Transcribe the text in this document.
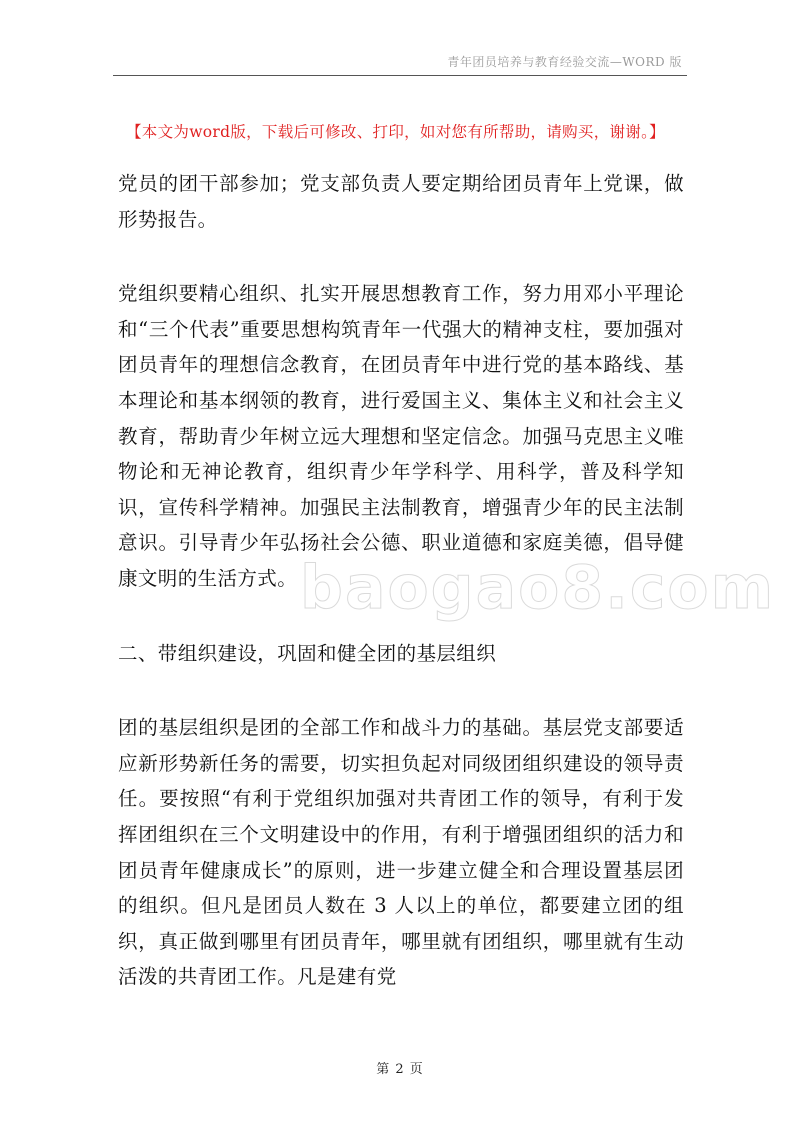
青年团员培养与教育经验交流—WORD 版
【本文为word版，下载后可修改、打印，如对您有所帮助，请购买，谢谢。】

党员的团干部参加；党支部负责人要定期给团员青年上党课，做形势报告。

党组织要精心组织、扎实开展思想教育工作，努力用邓小平理论和“三个代表”重要思想构筑青年一代强大的精神支柱，要加强对团员青年的理想信念教育，在团员青年中进行党的基本路线、基本理论和基本纲领的教育，进行爱国主义、集体主义和社会主义教育，帮助青少年树立远大理想和坚定信念。加强马克思主义唯物论和无神论教育，组织青少年学科学、用科学，普及科学知识，宣传科学精神。加强民主法制教育，增强青少年的民主法制意识。引导青少年弘扬社会公德、职业道德和家庭美德，倡导健康文明的生活方式。

二、带组织建设，巩固和健全团的基层组织

团的基层组织是团的全部工作和战斗力的基础。基层党支部要适应新形势新任务的需要，切实担负起对同级团组织建设的领导责任。要按照“有利于党组织加强对共青团工作的领导，有利于发挥团组织在三个文明建设中的作用，有利于增强团组织的活力和团员青年健康成长”的原则，进一步建立健全和合理设置基层团的组织。但凡是团员人数在 3 人以上的单位，都要建立团的组织，真正做到哪里有团员青年，哪里就有团组织，哪里就有生动活泼的共青团工作。凡是建有党

baogao8.com
第 2 页
